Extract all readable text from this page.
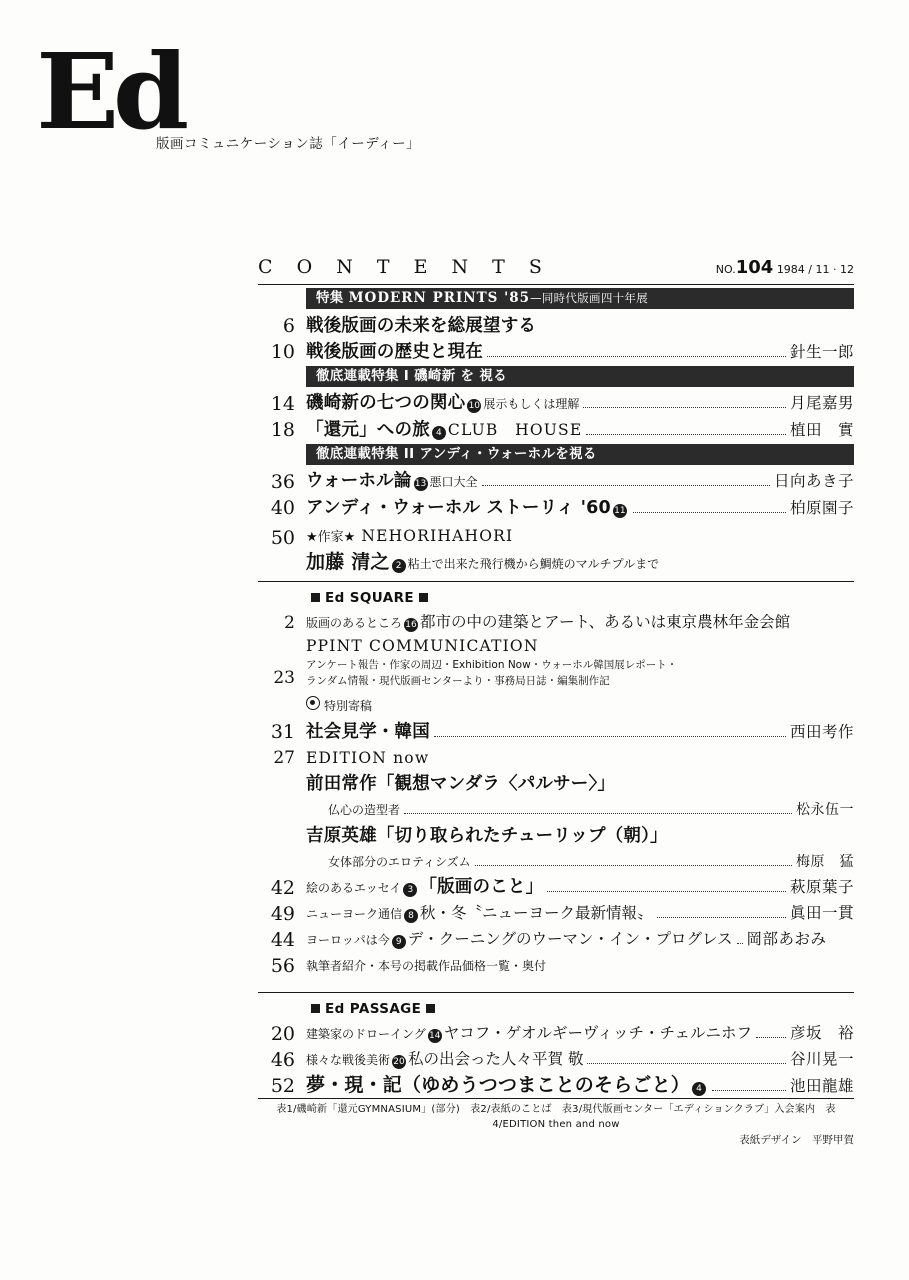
Ed
版画コミュニケーション誌「イーディー」
C O N T E N T S	NO.104 1984 / 11 · 12
特集 MODERN PRINTS '85—同時代版画四十年展
6 戦後版画の未来を総展望する
10 戦後版画の歴史と現在	針生一郎
徹底連載特集 I 磯崎新 を 視る
14 磯崎新の七つの関心 10 展示もしくは理解	月尾嘉男
18 「還元」への旅 4 CLUB　HOUSE	植田　實
徹底連載特集 II アンディ・ウォーホルを視る
36 ウォーホル論 13 悪口大全	日向あき子
40 アンディ・ウォーホル ストーリィ '60 11	柏原園子
50 ★作家★ NEHORIHAHORI
加藤 清之 2 粘土で出来た飛行機から鯛焼のマルチプルまで
Ed SQUARE
2 版画のあるところ 16 都市の中の建築とアート、あるいは東京農林年金会館
23
PPINT COMMUNICATION
アンケート報告・作家の周辺・Exhibition Now・ウォーホル韓国展レポート・
ランダム情報・現代版画センターより・事務局日誌・編集制作記
特別寄稿
31 社会見学・韓国	西田考作
27 EDITION now
前田常作「観想マンダラ〈パルサー〉」
仏心の造型者	松永伍一
吉原英雄「切り取られたチューリップ（朝）」
女体部分のエロティシズム	梅原　猛
42 絵のあるエッセイ 3 「版画のこと」	萩原葉子
49 ニューヨーク通信 8 秋・冬〝ニューヨーク最新情報〟	眞田一貫
44 ヨーロッパは今 9 デ・クーニングのウーマン・イン・プログレス 岡部あおみ
56 執筆者紹介・本号の掲載作品価格一覧・奥付
Ed PASSAGE
20 建築家のドローイング 14 ヤコフ・ゲオルギーヴィッチ・チェルニホフ 彦坂　裕
46 様々な戦後美術 20 私の出会った人々平賀 敬	谷川晃一
52 夢・現・記（ゆめうつつまことのそらごと） 4	池田龍雄
表1/磯崎新「還元GYMNASIUM」(部分)　表2/表紙のことば　表3/現代版画センター「エディションクラブ」入会案内　表4/EDITION then and now
表紙デザイン　平野甲賀
